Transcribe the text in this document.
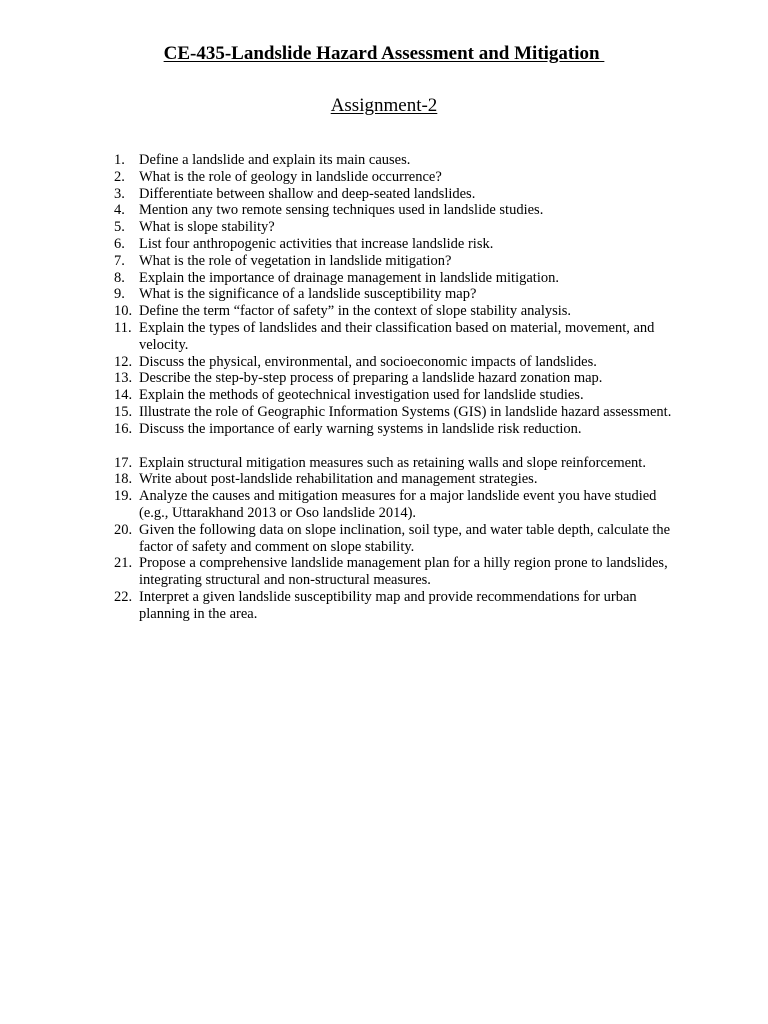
CE-435-Landslide Hazard Assessment and Mitigation
Assignment-2
1. Define a landslide and explain its main causes.
2. What is the role of geology in landslide occurrence?
3. Differentiate between shallow and deep-seated landslides.
4. Mention any two remote sensing techniques used in landslide studies.
5. What is slope stability?
6. List four anthropogenic activities that increase landslide risk.
7. What is the role of vegetation in landslide mitigation?
8. Explain the importance of drainage management in landslide mitigation.
9. What is the significance of a landslide susceptibility map?
10. Define the term “factor of safety” in the context of slope stability analysis.
11. Explain the types of landslides and their classification based on material, movement, and velocity.
12. Discuss the physical, environmental, and socioeconomic impacts of landslides.
13. Describe the step-by-step process of preparing a landslide hazard zonation map.
14. Explain the methods of geotechnical investigation used for landslide studies.
15. Illustrate the role of Geographic Information Systems (GIS) in landslide hazard assessment.
16. Discuss the importance of early warning systems in landslide risk reduction.
17. Explain structural mitigation measures such as retaining walls and slope reinforcement.
18. Write about post-landslide rehabilitation and management strategies.
19. Analyze the causes and mitigation measures for a major landslide event you have studied (e.g., Uttarakhand 2013 or Oso landslide 2014).
20. Given the following data on slope inclination, soil type, and water table depth, calculate the factor of safety and comment on slope stability.
21. Propose a comprehensive landslide management plan for a hilly region prone to landslides, integrating structural and non-structural measures.
22. Interpret a given landslide susceptibility map and provide recommendations for urban planning in the area.
